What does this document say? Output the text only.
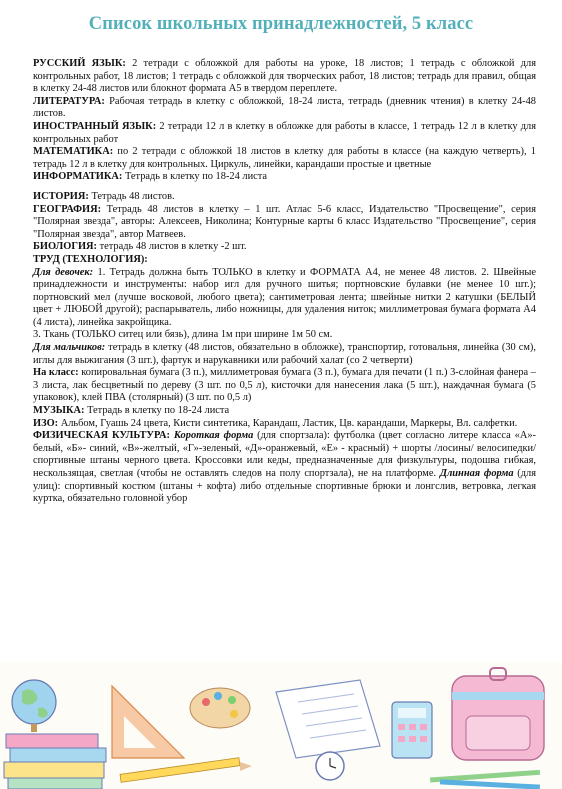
Список школьных принадлежностей, 5 класс

РУССКИЙ ЯЗЫК: 2 тетради с обложкой для работы на уроке, 18 листов; 1 тетрадь с обложкой для контрольных работ, 18 листов; 1 тетрадь с обложкой для творческих работ, 18 листов; тетрадь для правил, общая в клетку 24-48 листов или блокнот формата А5 в твердом переплете.

ЛИТЕРАТУРА: Рабочая тетрадь в клетку с обложкой, 18-24 листа, тетрадь (дневник чтения) в клетку 24-48 листов.

ИНОСТРАННЫЙ ЯЗЫК: 2 тетради 12 л в клетку в обложке для работы в классе, 1 тетрадь 12 л в клетку для контрольных работ

МАТЕМАТИКА: по 2 тетради с обложкой 18 листов в клетку для работы в классе (на каждую четверть), 1 тетрадь 12 л в клетку для контрольных. Циркуль, линейки, карандаши простые и цветные

ИНФОРМАТИКА: Тетрадь в клетку по 18-24 листа

ИСТОРИЯ: Тетрадь 48 листов.

ГЕОГРАФИЯ: Тетрадь 48 листов в клетку – 1 шт. Атлас 5-6 класс, Издательство "Просвещение", серия "Полярная звезда", авторы: Алексеев, Николина; Контурные карты 6 класс Издательство "Просвещение", серия "Полярная звезда", автор Матвеев.

БИОЛОГИЯ: тетрадь 48 листов в клетку -2 шт.

ТРУД (ТЕХНОЛОГИЯ):

Для девочек: 1. Тетрадь должна быть ТОЛЬКО в клетку и ФОРМАТА А4, не менее 48 листов. 2. Швейные принадлежности и инструменты: набор игл для ручного шитья; портновские булавки (не менее 10 шт.); портновский мел (лучше восковой, любого цвета); сантиметровая лента; швейные нитки 2 катушки (БЕЛЫЙ цвет + ЛЮБОЙ другой); распарыватель, либо ножницы, для удаления ниток; миллиметровая бумага формата А4 (4 листа), линейка закройщика.

3. Ткань (ТОЛЬКО ситец или бязь), длина 1м при ширине 1м 50 см.

Для мальчиков: тетрадь в клетку (48 листов, обязательно в обложке), транспортир, готовальня, линейка (30 см), иглы для выжигания (3 шт.), фартук и нарукавники или рабочий халат (со 2 четверти)

На класс: копировальная бумага (3 п.), миллиметровая бумага (3 п.), бумага для печати (1 п.) 3-слойная фанера – 3 листа, лак бесцветный по дереву (3 шт. по 0,5 л), кисточки для нанесения лака (5 шт.), наждачная бумага (5 упаковок), клей ПВА (столярный) (3 шт. по 0,5 л)

МУЗЫКА: Тетрадь в клетку по 18-24 листа

ИЗО: Альбом, Гуашь 24 цвета, Кисти синтетика, Карандаш, Ластик, Цв. карандаши, Маркеры, Вл. салфетки.

ФИЗИЧЕСКАЯ КУЛЬТУРА: Короткая форма (для спортзала): футболка (цвет согласно литере класса «А»- белый, «Б»- синий, «В»-желтый, «Г»-зеленый, «Д»-оранжевый, «Е» - красный) + шорты /лосины/ велосипедки/ спортивные штаны черного цвета. Кроссовки или кеды, предназначенные для физкультуры, подошва гибкая, нескользящая, светлая (чтобы не оставлять следов на полу спортзала), не на платформе. Длинная форма (для улиц): спортивный костюм (штаны + кофта) либо отдельные спортивные брюки и лонгслив, ветровка, легкая куртка, обязательно головной убор
